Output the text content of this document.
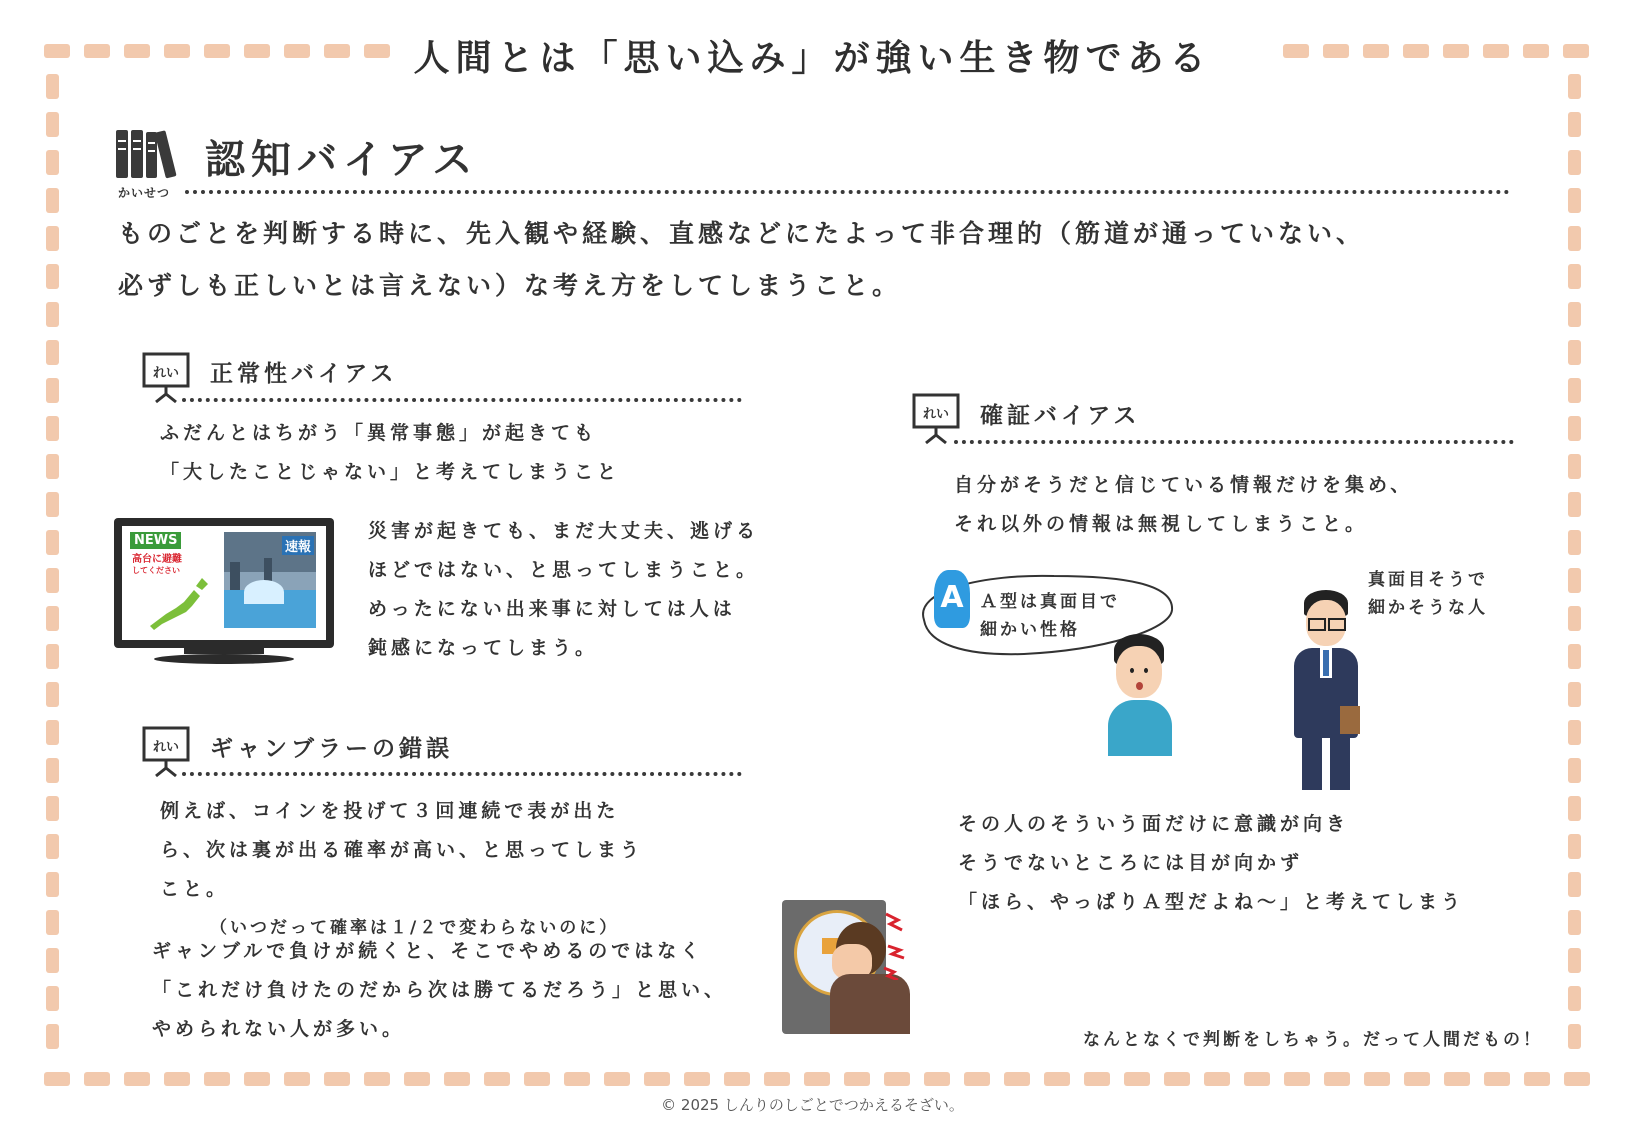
人間とは「思い込み」が強い生き物である
認知バイアス
かいせつ
ものごとを判断する時に、先入観や経験、直感などにたよって非合理的（筋道が通っていない、
必ずしも正しいとは言えない）な考え方をしてしまうこと。
れい 正常性バイアス
ふだんとはちがう「異常事態」が起きても
「大したことじゃない」と考えてしまうこと
NEWS
高台に避難
してください
速報
災害が起きても、まだ大丈夫、逃げる
ほどではない、と思ってしまうこと。
めったにない出来事に対しては人は
鈍感になってしまう。
れい ギャンブラーの錯誤
例えば、コインを投げて３回連続で表が出た
ら、次は裏が出る確率が高い、と思ってしまう
こと。
（いつだって確率は１/２で変わらないのに）
ギャンブルで負けが続くと、そこでやめるのではなく
「これだけ負けたのだから次は勝てるだろう」と思い、
やめられない人が多い。
れい 確証バイアス
自分がそうだと信じている情報だけを集め、
それ以外の情報は無視してしまうこと。
A Ａ型は真面目で
細かい性格
真面目そうで
細かそうな人
その人のそういう面だけに意識が向き
そうでないところには目が向かず
「ほら、やっぱりＡ型だよね～」と考えてしまう
なんとなくで判断をしちゃう。だって人間だもの！
© 2025 しんりのしごとでつかえるそざい。
